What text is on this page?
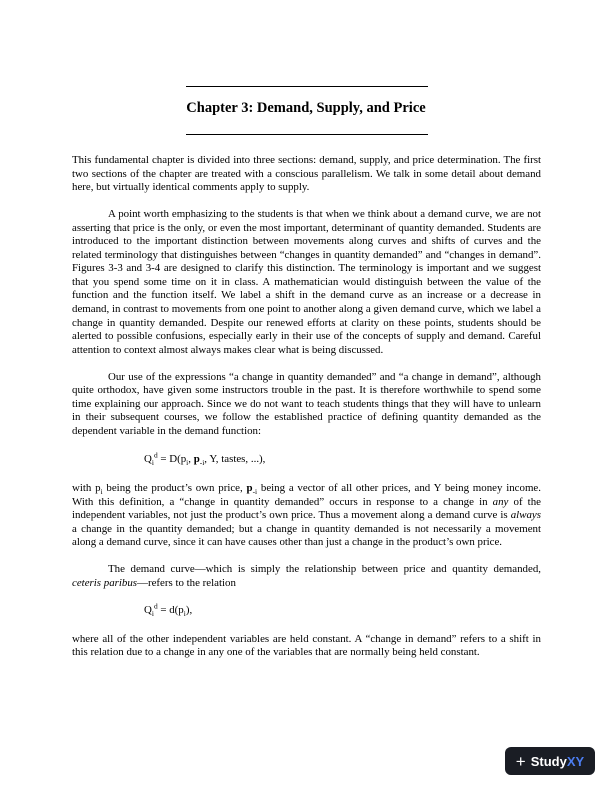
Chapter 3: Demand, Supply, and Price

This fundamental chapter is divided into three sections: demand, supply, and price determination. The first two sections of the chapter are treated with a conscious parallelism. We talk in some detail about demand here, but virtually identical comments apply to supply.

A point worth emphasizing to the students is that when we think about a demand curve, we are not asserting that price is the only, or even the most important, determinant of quantity demanded. Students are introduced to the important distinction between movements along curves and shifts of curves and the related terminology that distinguishes between “changes in quantity demanded” and “changes in demand”. Figures 3-3 and 3-4 are designed to clarify this distinction. The terminology is important and we suggest that you spend some time on it in class. A mathematician would distinguish between the value of the function and the function itself. We label a shift in the demand curve as an increase or a decrease in demand, in contrast to movements from one point to another along a given demand curve, which we label a change in quantity demanded. Despite our renewed efforts at clarity on these points, students should be alerted to possible confusions, especially early in their use of the concepts of supply and demand. Careful attention to context almost always makes clear what is being discussed.

Our use of the expressions “a change in quantity demanded” and “a change in demand”, although quite orthodox, have given some instructors trouble in the past. It is therefore worthwhile to spend some time explaining our approach. Since we do not want to teach students things that they will have to unlearn in their subsequent courses, we follow the established practice of defining quantity demanded as the dependent variable in the demand function:

$Q_i^d = D(p_i$, $p_{-i}$, Y, tastes, ...),

with $p_i$ being the product’s own price, $p_{-i}$ being a vector of all other prices, and Y being money income. With this definition, a “change in quantity demanded” occurs in response to a change in any of the independent variables, not just the product’s own price. Thus a movement along a demand curve is always a change in the quantity demanded; but a change in quantity demanded is not necessarily a movement along a demand curve, since it can have causes other than just a change in the product’s own price.

The demand curve—which is simply the relationship between price and quantity demanded, ceteris paribus—refers to the relation

$Q_i^d = d(p_i)$,

where all of the other independent variables are held constant. A “change in demand” refers to a shift in this relation due to a change in any one of the variables that are normally being held constant.

+ Study XY
